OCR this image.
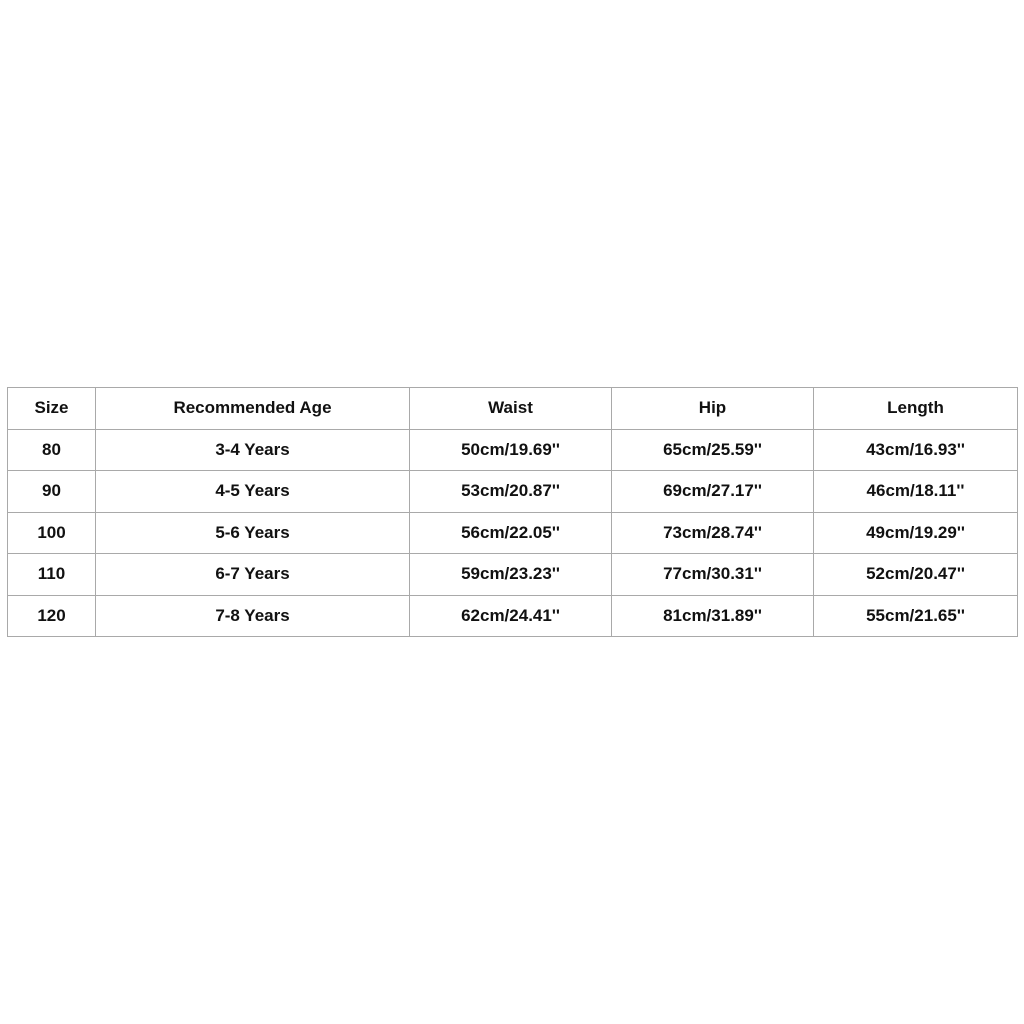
Size	Recommended Age	Waist	Hip	Length
80	3-4 Years	50cm/19.69''	65cm/25.59''	43cm/16.93''
90	4-5 Years	53cm/20.87''	69cm/27.17''	46cm/18.11''
100	5-6 Years	56cm/22.05''	73cm/28.74''	49cm/19.29''
110	6-7 Years	59cm/23.23''	77cm/30.31''	52cm/20.47''
120	7-8 Years	62cm/24.41''	81cm/31.89''	55cm/21.65''
